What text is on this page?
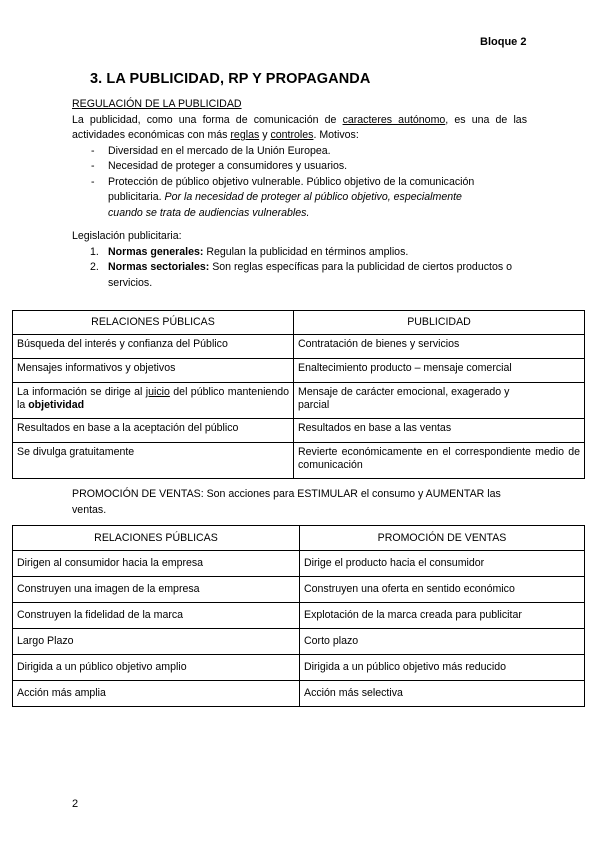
Bloque 2
3. LA PUBLICIDAD, RP Y PROPAGANDA
REGULACIÓN DE LA PUBLICIDAD
La publicidad, como una forma de comunicación de caracteres autónomo, es una de las actividades económicas con más reglas y controles. Motivos:
- Diversidad en el mercado de la Unión Europea.
- Necesidad de proteger a consumidores y usuarios.
- Protección de público objetivo vulnerable. Público objetivo de la comunicación publicitaria. Por la necesidad de proteger al público objetivo, especialmente cuando se trata de audiencias vulnerables.
Legislación publicitaria:
1. Normas generales: Regulan la publicidad en términos amplios.
2. Normas sectoriales: Son reglas específicas para la publicidad de ciertos productos o servicios.
RELACIONES PÚBLICAS	PUBLICIDAD
Búsqueda del interés y confianza del Público	Contratación de bienes y servicios
Mensajes informativos y objetivos	Enaltecimiento producto – mensaje comercial
La información se dirige al juicio del público manteniendo la objetividad	Mensaje de carácter emocional, exagerado y parcial
Resultados en base a la aceptación del público	Resultados en base a las ventas
Se divulga gratuitamente	Revierte económicamente en el correspondiente medio de comunicación
PROMOCIÓN DE VENTAS: Son acciones para ESTIMULAR el consumo y AUMENTAR las ventas.
RELACIONES PÚBLICAS	PROMOCIÓN DE VENTAS
Dirigen al consumidor hacia la empresa	Dirige el producto hacia el consumidor
Construyen una imagen de la empresa	Construyen una oferta en sentido económico
Construyen la fidelidad de la marca	Explotación de la marca creada para publicitar
Largo Plazo	Corto plazo
Dirigida a un público objetivo amplio	Dirigida a un público objetivo más reducido
Acción más amplia	Acción más selectiva
2
